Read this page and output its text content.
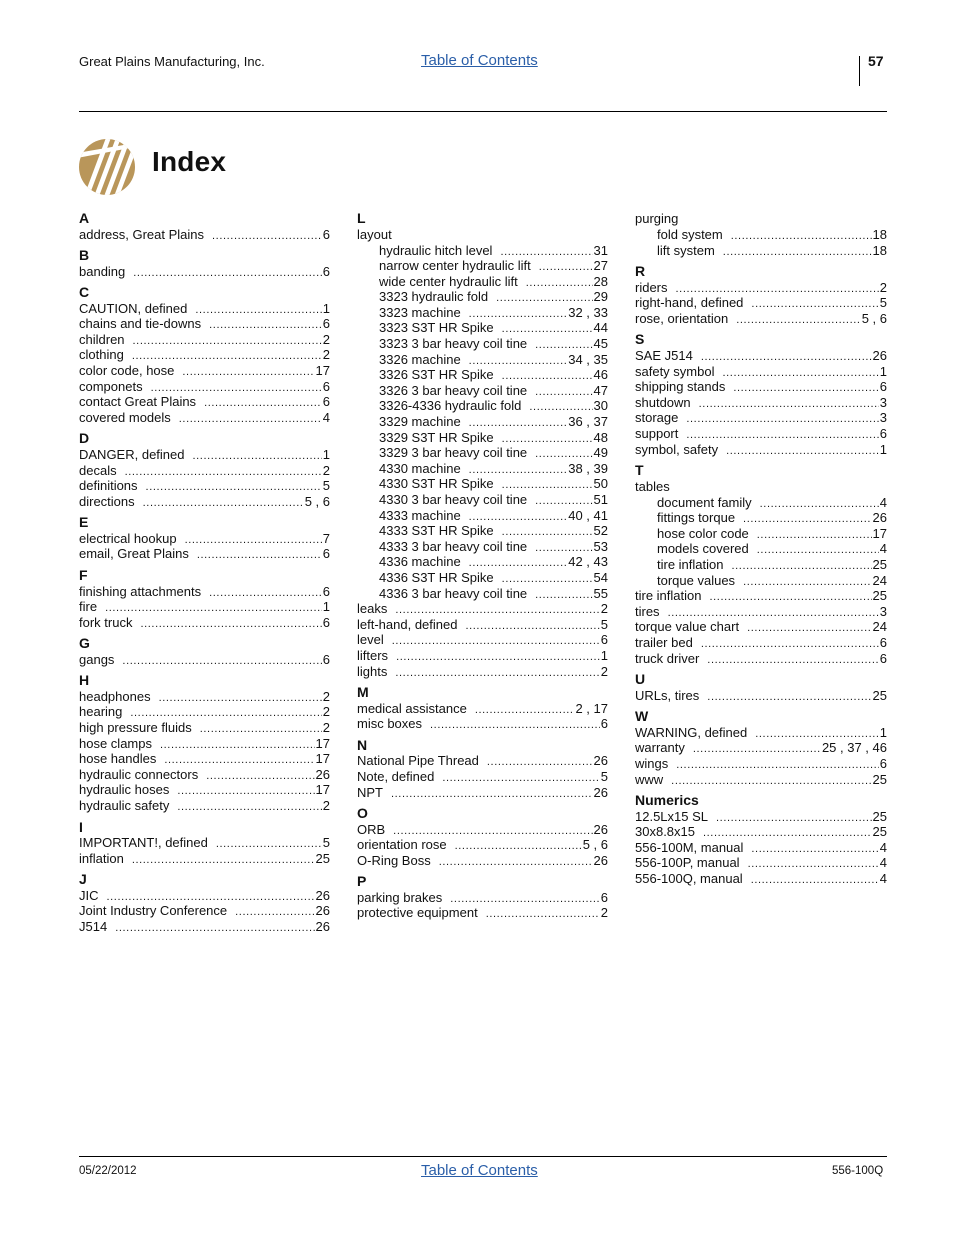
Great Plains Manufacturing, Inc.	Table of Contents	57
Index
A
address, Great Plains .....	6
B
banding .....	6
C
CAUTION, defined .....	1
chains and tie-downs .....	6
children .....	2
clothing .....	2
color code, hose .....	17
componets .....	6
contact Great Plains .....	6
covered models .....	4
D
DANGER, defined .....	1
decals .....	2
definitions .....	5
directions .....	5 , 6
E
electrical hookup .....	7
email, Great Plains .....	6
F
finishing attachments .....	6
fire .....	1
fork truck .....	6
G
gangs .....	6
H
headphones .....	2
hearing .....	2
high pressure fluids .....	2
hose clamps .....	17
hose handles .....	17
hydraulic connectors .....	26
hydraulic hoses .....	17
hydraulic safety .....	2
I
IMPORTANT!, defined .....	5
inflation .....	25
J
JIC .....	26
Joint Industry Conference .....	26
J514 .....	26
L
layout
hydraulic hitch level .....	31
narrow center hydraulic lift .....	27
wide center hydraulic lift .....	28
3323 hydraulic fold .....	29
3323 machine .....	32 , 33
3323 S3T HR Spike .....	44
3323 3 bar heavy coil tine .....	45
3326 machine .....	34 , 35
3326 S3T HR Spike .....	46
3326 3 bar heavy coil tine .....	47
3326-4336 hydraulic fold .....	30
3329 machine .....	36 , 37
3329 S3T HR Spike .....	48
3329 3 bar heavy coil tine .....	49
4330 machine .....	38 , 39
4330 S3T HR Spike .....	50
4330 3 bar heavy coil tine .....	51
4333 machine .....	40 , 41
4333 S3T HR Spike .....	52
4333 3 bar heavy coil tine .....	53
4336 machine .....	42 , 43
4336 S3T HR Spike .....	54
4336 3 bar heavy coil tine .....	55
leaks .....	2
left-hand, defined .....	5
level .....	6
lifters .....	1
lights .....	2
M
medical assistance .....	2 , 17
misc boxes .....	6
N
National Pipe Thread .....	26
Note, defined .....	5
NPT .....	26
O
ORB .....	26
orientation rose .....	5 , 6
O-Ring Boss .....	26
P
parking brakes .....	6
protective equipment .....	2
purging
fold system .....	18
lift system .....	18
R
riders .....	2
right-hand, defined .....	5
rose, orientation .....	5 , 6
S
SAE J514 .....	26
safety symbol .....	1
shipping stands .....	6
shutdown .....	3
storage .....	3
support .....	6
symbol, safety .....	1
T
tables
document family .....	4
fittings torque .....	26
hose color code .....	17
models covered .....	4
tire inflation .....	25
torque values .....	24
tire inflation .....	25
tires .....	3
torque value chart .....	24
trailer bed .....	6
truck driver .....	6
U
URLs, tires .....	25
W
WARNING, defined .....	1
warranty .....	25 , 37 , 46
wings .....	6
www .....	25
Numerics
12.5Lx15 SL .....	25
30x8.8x15 .....	25
556-100M, manual .....	4
556-100P, manual .....	4
556-100Q, manual .....	4
05/22/2012	Table of Contents	556-100Q
